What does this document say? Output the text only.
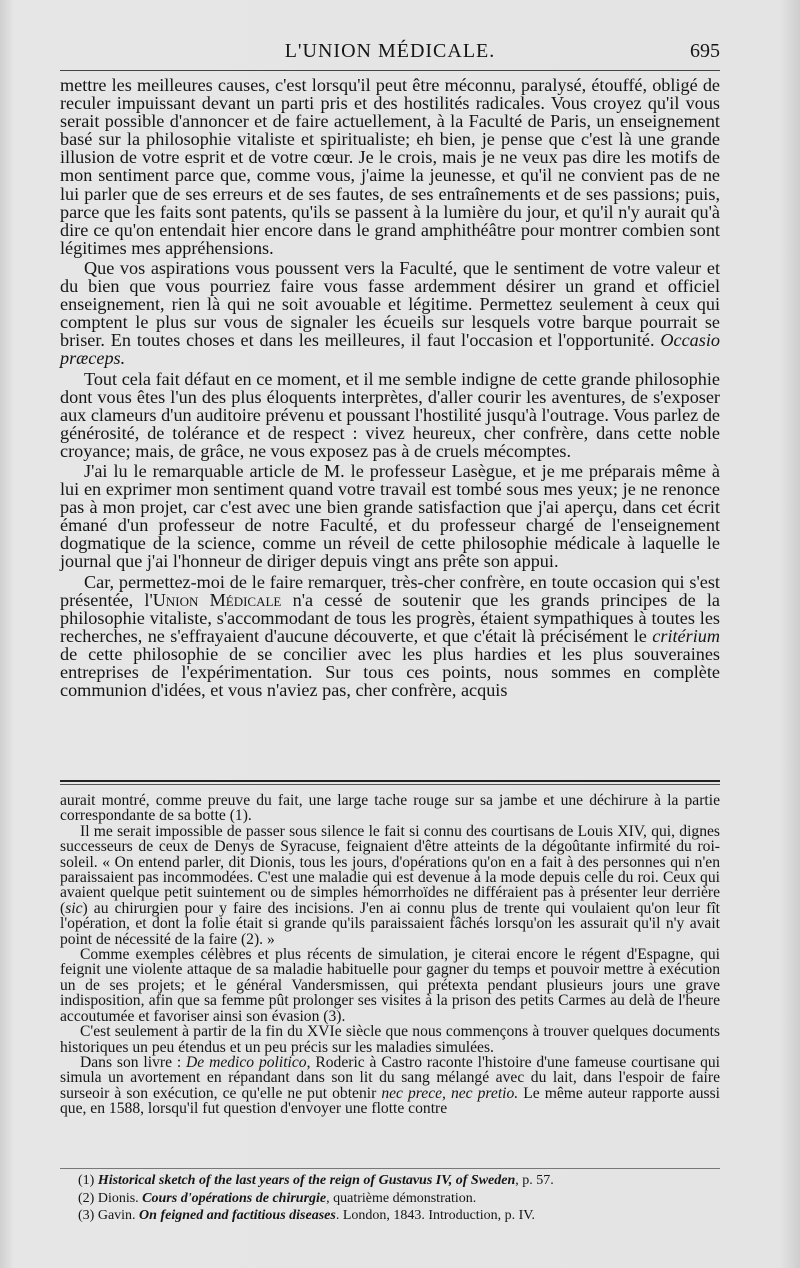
L'UNION MÉDICALE.	695

mettre les meilleures causes, c'est lorsqu'il peut être méconnu, paralysé, étouffé, obligé de reculer impuissant devant un parti pris et des hostilités radicales. Vous croyez qu'il vous serait possible d'annoncer et de faire actuellement, à la Faculté de Paris, un enseignement basé sur la philosophie vitaliste et spiritualiste; eh bien, je pense que c'est là une grande illusion de votre esprit et de votre cœur. Je le crois, mais je ne veux pas dire les motifs de mon sentiment parce que, comme vous, j'aime la jeunesse, et qu'il ne convient pas de ne lui parler que de ses erreurs et de ses fautes, de ses entraînements et de ses passions; puis, parce que les faits sont patents, qu'ils se passent à la lumière du jour, et qu'il n'y aurait qu'à dire ce qu'on entendait hier encore dans le grand amphithéâtre pour montrer combien sont légitimes mes appréhensions.

Que vos aspirations vous poussent vers la Faculté, que le sentiment de votre valeur et du bien que vous pourriez faire vous fasse ardemment désirer un grand et officiel enseignement, rien là qui ne soit avouable et légitime. Permettez seulement à ceux qui comptent le plus sur vous de signaler les écueils sur lesquels votre barque pourrait se briser. En toutes choses et dans les meilleures, il faut l'occasion et l'opportunité. Occasio præceps.

Tout cela fait défaut en ce moment, et il me semble indigne de cette grande philosophie dont vous êtes l'un des plus éloquents interprètes, d'aller courir les aventures, de s'exposer aux clameurs d'un auditoire prévenu et poussant l'hostilité jusqu'à l'outrage. Vous parlez de générosité, de tolérance et de respect : vivez heureux, cher confrère, dans cette noble croyance; mais, de grâce, ne vous exposez pas à de cruels mécomptes.

J'ai lu le remarquable article de M. le professeur Lasègue, et je me préparais même à lui en exprimer mon sentiment quand votre travail est tombé sous mes yeux; je ne renonce pas à mon projet, car c'est avec une bien grande satisfaction que j'ai aperçu, dans cet écrit émané d'un professeur de notre Faculté, et du professeur chargé de l'enseignement dogmatique de la science, comme un réveil de cette philosophie médicale à laquelle le journal que j'ai l'honneur de diriger depuis vingt ans prête son appui.

Car, permettez-moi de le faire remarquer, très-cher confrère, en toute occasion qui s'est présentée, l'Union Médicale n'a cessé de soutenir que les grands principes de la philosophie vitaliste, s'accommodant de tous les progrès, étaient sympathiques à toutes les recherches, ne s'effrayaient d'aucune découverte, et que c'était là précisément le critérium de cette philosophie de se concilier avec les plus hardies et les plus souveraines entreprises de l'expérimentation. Sur tous ces points, nous sommes en complète communion d'idées, et vous n'aviez pas, cher confrère, acquis

aurait montré, comme preuve du fait, une large tache rouge sur sa jambe et une déchirure à la partie correspondante de sa botte (1).

Il me serait impossible de passer sous silence le fait si connu des courtisans de Louis XIV, qui, dignes successeurs de ceux de Denys de Syracuse, feignaient d'être atteints de la dégoûtante infirmité du roi-soleil. « On entend parler, dit Dionis, tous les jours, d'opérations qu'on en a fait à des personnes qui n'en paraissaient pas incommodées. C'est une maladie qui est devenue à la mode depuis celle du roi. Ceux qui avaient quelque petit suintement ou de simples hémorrhoïdes ne différaient pas à présenter leur derrière (sic) au chirurgien pour y faire des incisions. J'en ai connu plus de trente qui voulaient qu'on leur fît l'opération, et dont la folie était si grande qu'ils paraissaient fâchés lorsqu'on les assurait qu'il n'y avait point de nécessité de la faire (2). »

Comme exemples célèbres et plus récents de simulation, je citerai encore le régent d'Espagne, qui feignit une violente attaque de sa maladie habituelle pour gagner du temps et pouvoir mettre à exécution un de ses projets; et le général Vandersmissen, qui prétexta pendant plusieurs jours une grave indisposition, afin que sa femme pût prolonger ses visites à la prison des petits Carmes au delà de l'heure accoutumée et favoriser ainsi son évasion (3).

C'est seulement à partir de la fin du XVIe siècle que nous commençons à trouver quelques documents historiques un peu étendus et un peu précis sur les maladies simulées.

Dans son livre : De medico politico, Roderic à Castro raconte l'histoire d'une fameuse courtisane qui simula un avortement en répandant dans son lit du sang mélangé avec du lait, dans l'espoir de faire surseoir à son exécution, ce qu'elle ne put obtenir nec prece, nec pretio. Le même auteur rapporte aussi que, en 1588, lorsqu'il fut question d'envoyer une flotte contre

(1) Historical sketch of the last years of the reign of Gustavus IV, of Sweden, p. 57.

(2) Dionis. Cours d'opérations de chirurgie, quatrième démonstration.

(3) Gavin. On feigned and factitious diseases. London, 1843. Introduction, p. IV.
